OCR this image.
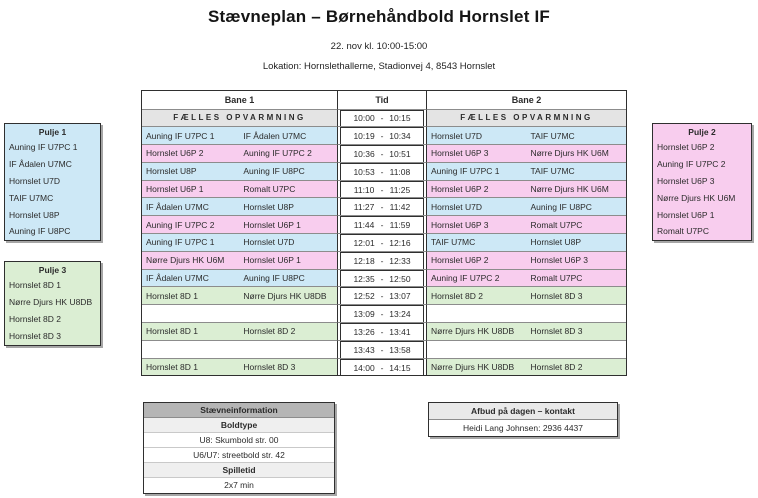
Stævneplan – Børnehåndbold Hornslet IF
22. nov kl. 10:00-15:00
Lokation: Hornslethallerne, Stadionvej 4, 8543 Hornslet
Pulje 1
Auning IF U7PC 1
IF Ådalen U7MC
Hornslet U7D
TAIF U7MC
Hornslet U8P
Auning IF U8PC
Pulje 2
Hornslet U6P 2
Auning IF U7PC 2
Hornslet U6P 3
Nørre Djurs HK U6M
Hornslet U6P 1
Romalt U7PC
Pulje 3
Hornslet 8D 1
Nørre Djurs HK U8DB
Hornslet 8D 2
Hornslet 8D 3
Bane 1	Tid	Bane 2
FÆLLES OPVARMNING	10:00 - 10:15	FÆLLES OPVARMNING
Auning IF U7PC 1	IF Ådalen U7MC	10:19 - 10:34	Hornslet U7D	TAIF U7MC
Hornslet U6P 2	Auning IF U7PC 2	10:36 - 10:51	Hornslet U6P 3	Nørre Djurs HK U6M
Hornslet U8P	Auning IF U8PC	10:53 - 11:08	Auning IF U7PC 1	TAIF U7MC
Hornslet U6P 1	Romalt U7PC	11:10 - 11:25	Hornslet U6P 2	Nørre Djurs HK U6M
IF Ådalen U7MC	Hornslet U8P	11:27 - 11:42	Hornslet U7D	Auning IF U8PC
Auning IF U7PC 2	Hornslet U6P 1	11:44 - 11:59	Hornslet U6P 3	Romalt U7PC
Auning IF U7PC 1	Hornslet U7D	12:01 - 12:16	TAIF U7MC	Hornslet U8P
Nørre Djurs HK U6M	Hornslet U6P 1	12:18 - 12:33	Hornslet U6P 2	Hornslet U6P 3
IF Ådalen U7MC	Auning IF U8PC	12:35 - 12:50	Auning IF U7PC 2	Romalt U7PC
Hornslet 8D 1	Nørre Djurs HK U8DB	12:52 - 13:07	Hornslet 8D 2	Hornslet 8D 3
13:09 - 13:24
Hornslet 8D 1	Hornslet 8D 2	13:26 - 13:41	Nørre Djurs HK U8DB	Hornslet 8D 3
13:43 - 13:58
Hornslet 8D 1	Hornslet 8D 3	14:00 - 14:15	Nørre Djurs HK U8DB	Hornslet 8D 2
Stævneinformation
Boldtype
U8: Skumbold str. 00
U6/U7: streetbold str. 42
Spilletid
2x7 min
Afbud på dagen – kontakt
Heidi Lang Johnsen: 2936 4437
